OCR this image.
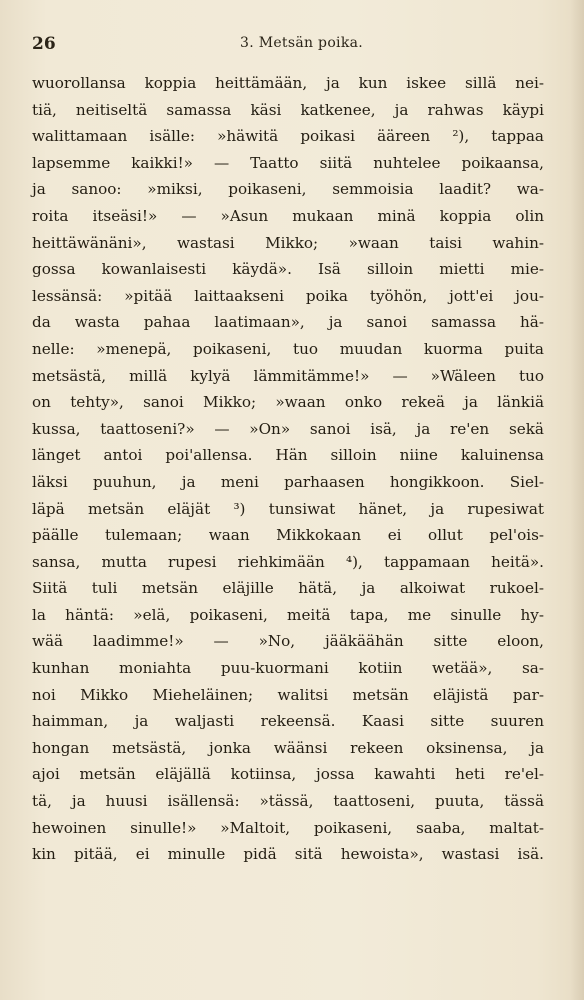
26	3. Metsän poika.
wuorollansa koppia heittämään, ja kun iskee sillä nei-
tiä, neitiseltä samassa käsi katkenee, ja rahwas käypi
walittamaan isälle: »häwitä poikasi ääreen ²), tappaa
lapsemme kaikki!» — Taatto siitä nuhtelee poikaansa,
ja sanoo: »miksi, poikaseni, semmoisia laadit? wa-
roita itseäsi!» — »Asun mukaan minä koppia olin
heittäwänäni», wastasi Mikko; »waan taisi wahin-
gossa kowanlaisesti käydä». Isä silloin mietti mie-
lessänsä: »pitää laittaakseni poika työhön, jott'ei jou-
da wasta pahaa laatimaan», ja sanoi samassa hä-
nelle: »menepä, poikaseni, tuo muudan kuorma puita
metsästä, millä kylyä lämmitämme!» — »Wäleen tuo
on tehty», sanoi Mikko; »waan onko rekeä ja länkiä
kussa, taattoseni?» — »On» sanoi isä, ja re'en sekä
länget antoi poi'allensa. Hän silloin niine kaluinensa
läksi puuhun, ja meni parhaasen hongikkoon. Siel-
läpä metsän eläjät ³) tunsiwat hänet, ja rupesiwat
päälle tulemaan; waan Mikkokaan ei ollut pel'ois-
sansa, mutta rupesi riehkimään ⁴), tappamaan heitä».
Siitä tuli metsän eläjille hätä, ja alkoiwat rukoel-
la häntä: »elä, poikaseni, meitä tapa, me sinulle hy-
wää laadimme!» — »No, jääkäähän sitte eloon,
kunhan moniahta puu-kuormani kotiin wetää», sa-
noi Mikko Mieheläinen; walitsi metsän eläjistä par-
haimman, ja waljasti rekeensä. Kaasi sitte suuren
hongan metsästä, jonka wäänsi rekeen oksinensa, ja
ajoi metsän eläjällä kotiinsa, jossa kawahti heti re'el-
tä, ja huusi isällensä: »tässä, taattoseni, puuta, tässä
hewoinen sinulle!» »Maltoit, poikaseni, saaba, maltat-
kin pitää, ei minulle pidä sitä hewoista», wastasi isä.
